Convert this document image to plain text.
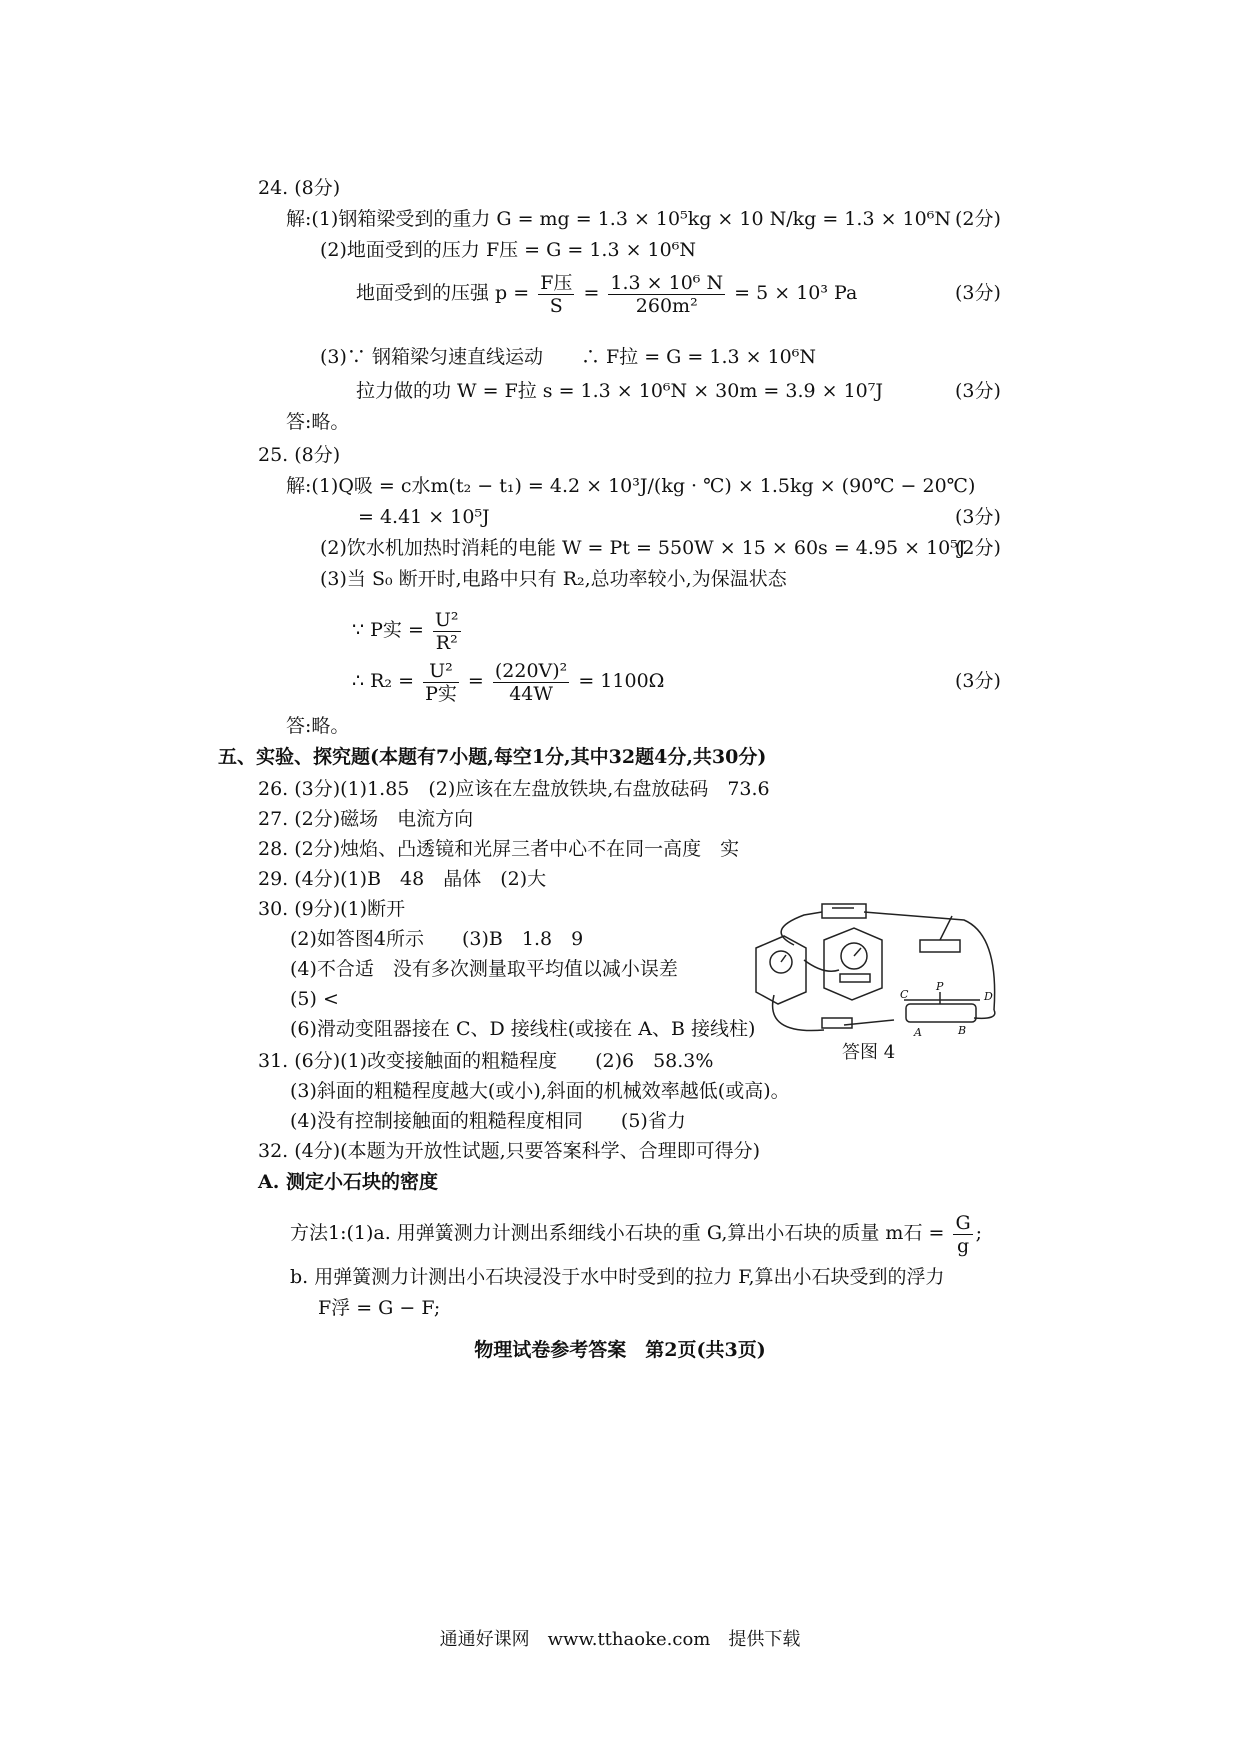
24. (8分)
解:(1)钢箱梁受到的重力 G = mg = 1.3 × 10⁵kg × 10 N/kg = 1.3 × 10⁶N (2分)
(2)地面受到的压力 F压 = G = 1.3 × 10⁶N
地面受到的压强 $p = \frac{\text{F压}}{S} = \frac{\text{1.3 × 10⁶ N}}{\text{260m²}} = 5 \times 10^3$ Pa	(3分)
(3)∵ 钢箱梁匀速直线运动　　∴ F拉 = G = 1.3 × 10⁶N
拉力做的功 W = F拉 s = 1.3 × 10⁶N × 30m = 3.9 × 10⁷J	(3分)
答:略。
25. (8分)
解:(1)Q吸 = c水m(t₂ − t₁) = 4.2 × 10³J/(kg · ℃) × 1.5kg × (90℃ − 20℃)
= 4.41 × 10⁵J	(3分)
(2)饮水机加热时消耗的电能 W = Pt = 550W × 15 × 60s = 4.95 × 10⁵J
(2分)
(3)当 S₀ 断开时,电路中只有 R₂,总功率较小,为保温状态
∵ P实 = $\frac{\text{U²}}{\text{R²}}$
∴ $R_2 = \frac{\text{U²}}{\text{P实}} = \frac{\text{(220V)²}}{44W} = 1100\Omega$	(3分)
答:略。
五、实验、探究题(本题有7小题,每空1分,其中32题4分,共30分)
26. (3分)(1)1.85　(2)应该在左盘放铁块,右盘放砝码　73.6
27. (2分)磁场　电流方向
28. (2分)烛焰、凸透镜和光屏三者中心不在同一高度　实
29. (4分)(1)B　48　晶体　(2)大
30. (9分)(1)断开
(2)如答图4所示　　(3)B　1.8　9
(4)不合适　没有多次测量取平均值以减小误差
(5) <
(6)滑动变阻器接在 C、D 接线柱(或接在 A、B 接线柱)
C
P
D
A	B
答图 4
31. (6分)(1)改变接触面的粗糙程度　　(2)6　58.3%
(3)斜面的粗糙程度越大(或小),斜面的机械效率越低(或高)。
(4)没有控制接触面的粗糙程度相同　　(5)省力
32. (4分)(本题为开放性试题,只要答案科学、合理即可得分)
A. 测定小石块的密度
方法1:(1)a. 用弹簧测力计测出系细线小石块的重 G,算出小石块的质量 m石 = $\frac{G}{g}$ ;
b. 用弹簧测力计测出小石块浸没于水中时受到的拉力 F,算出小石块受到的浮力
F浮 = G − F;
物理试卷参考答案　第2页(共3页)
通通好课网　www.tthaoke.com　提供下载
